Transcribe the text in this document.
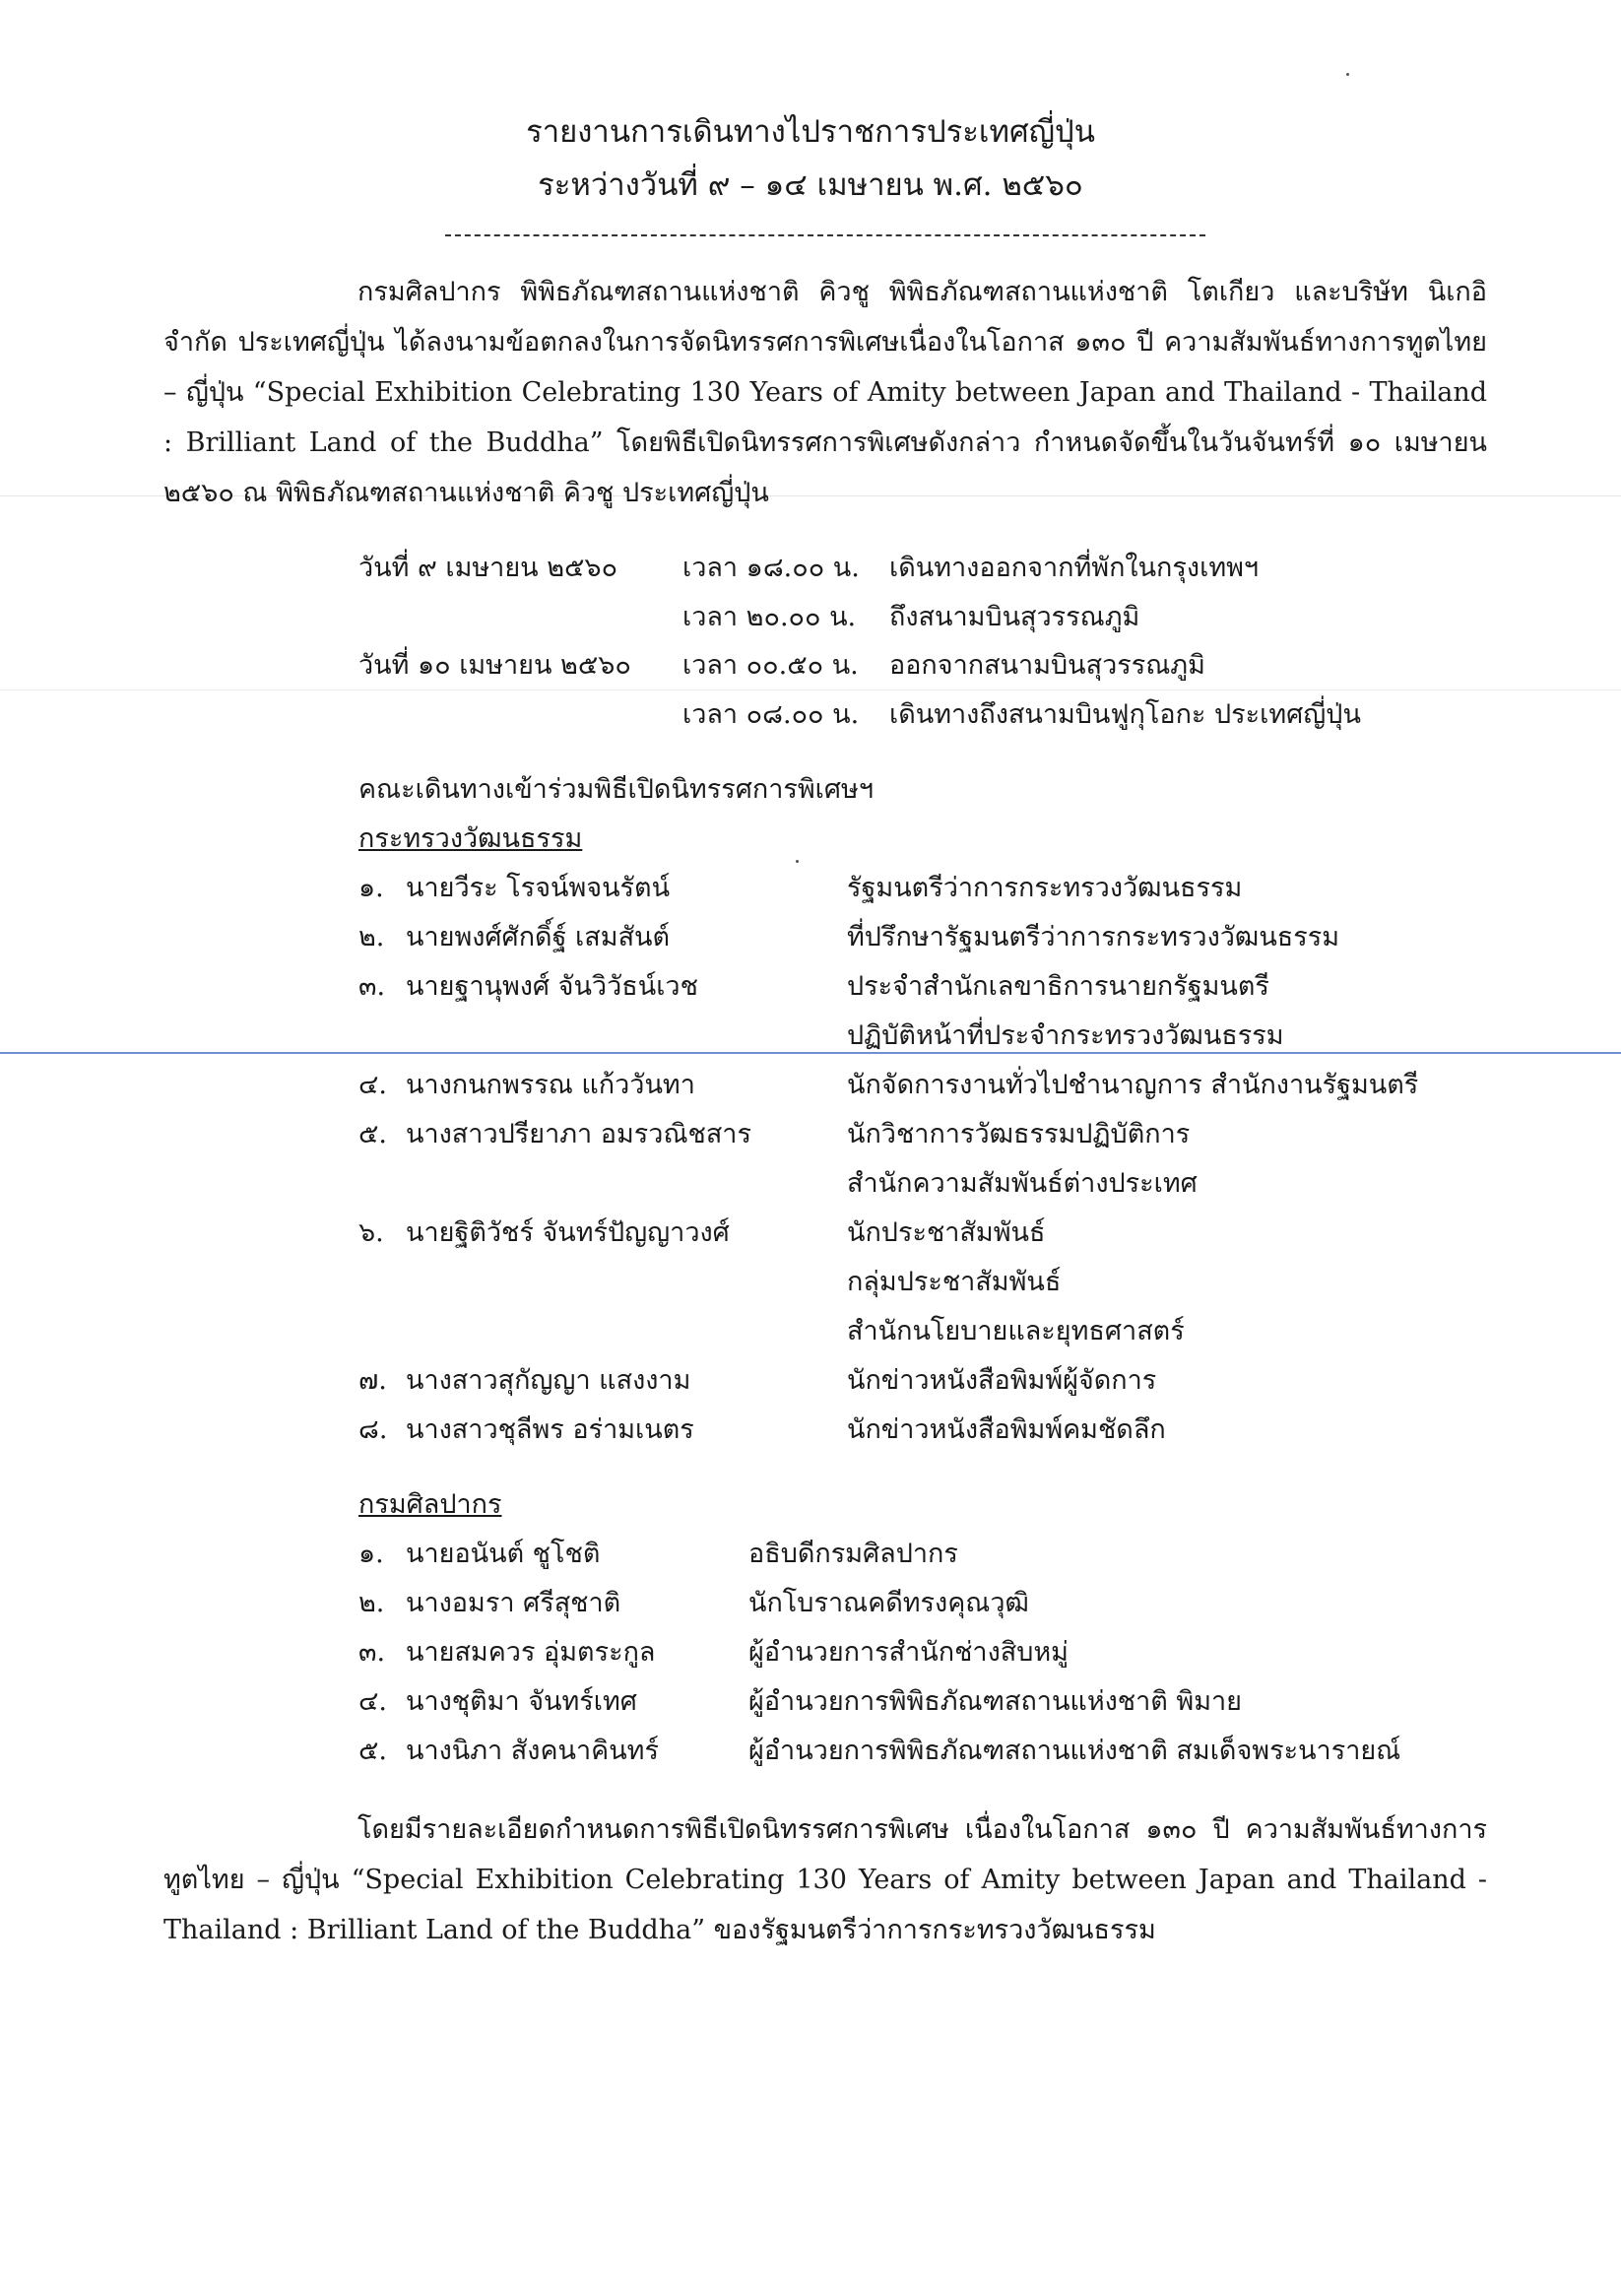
รายงานการเดินทางไปราชการประเทศญี่ปุ่น
ระหว่างวันที่ ๙ – ๑๔ เมษายน พ.ศ. ๒๕๖๐

กรมศิลปากร พิพิธภัณฑสถานแห่งชาติ คิวชู พิพิธภัณฑสถานแห่งชาติ โตเกียว และบริษัท นิเกอิ จำกัด ประเทศญี่ปุ่น ได้ลงนามข้อตกลงในการจัดนิทรรศการพิเศษเนื่องในโอกาส ๑๓๐ ปี ความสัมพันธ์ทางการทูตไทย – ญี่ปุ่น “Special Exhibition Celebrating 130 Years of Amity between Japan and Thailand - Thailand : Brilliant Land of the Buddha” โดยพิธีเปิดนิทรรศการพิเศษดังกล่าว กำหนดจัดขึ้นในวันจันทร์ที่ ๑๐ เมษายน ๒๕๖๐ ณ พิพิธภัณฑสถานแห่งชาติ คิวชู ประเทศญี่ปุ่น

วันที่ ๙ เมษายน ๒๕๖๐ เวลา ๑๘.๐๐ น. เดินทางออกจากที่พักในกรุงเทพฯ
เวลา ๒๐.๐๐ น. ถึงสนามบินสุวรรณภูมิ
วันที่ ๑๐ เมษายน ๒๕๖๐ เวลา ๐๐.๕๐ น. ออกจากสนามบินสุวรรณภูมิ
เวลา ๐๘.๐๐ น. เดินทางถึงสนามบินฟูกุโอกะ ประเทศญี่ปุ่น
คณะเดินทางเข้าร่วมพิธีเปิดนิทรรศการพิเศษฯ
กระทรวงวัฒนธรรม
๑. นายวีระ โรจน์พจนรัตน์	รัฐมนตรีว่าการกระทรวงวัฒนธรรม
๒. นายพงศ์ศักดิ์ฐ์ เสมสันต์	ที่ปรึกษารัฐมนตรีว่าการกระทรวงวัฒนธรรม
๓. นายฐานุพงศ์ จันวิวัธน์เวช	ประจำสำนักเลขาธิการนายกรัฐมนตรี
ปฏิบัติหน้าที่ประจำกระทรวงวัฒนธรรม
๔. นางกนกพรรณ แก้ววันทา	นักจัดการงานทั่วไปชำนาญการ สำนักงานรัฐมนตรี
๕. นางสาวปรียาภา อมรวณิชสาร	นักวิชาการวัฒธรรมปฏิบัติการ
สำนักความสัมพันธ์ต่างประเทศ
๖. นายฐิติวัชร์ จันทร์ปัญญาวงศ์	นักประชาสัมพันธ์
กลุ่มประชาสัมพันธ์
สำนักนโยบายและยุทธศาสตร์
๗. นางสาวสุกัญญา แสงงาม	นักข่าวหนังสือพิมพ์ผู้จัดการ
๘. นางสาวชุลีพร อร่ามเนตร	นักข่าวหนังสือพิมพ์คมชัดลึก
กรมศิลปากร
๑. นายอนันต์ ชูโชติ	อธิบดีกรมศิลปากร
๒. นางอมรา ศรีสุชาติ	นักโบราณคดีทรงคุณวุฒิ
๓. นายสมควร อุ่มตระกูล	ผู้อำนวยการสำนักช่างสิบหมู่
๔. นางชุติมา จันทร์เทศ	ผู้อำนวยการพิพิธภัณฑสถานแห่งชาติ พิมาย
๕. นางนิภา สังคนาคินทร์	ผู้อำนวยการพิพิธภัณฑสถานแห่งชาติ สมเด็จพระนารายณ์

โดยมีรายละเอียดกำหนดการพิธีเปิดนิทรรศการพิเศษ เนื่องในโอกาส ๑๓๐ ปี ความสัมพันธ์ทางการทูตไทย – ญี่ปุ่น “Special Exhibition Celebrating 130 Years of Amity between Japan and Thailand - Thailand : Brilliant Land of the Buddha” ของรัฐมนตรีว่าการกระทรวงวัฒนธรรม
